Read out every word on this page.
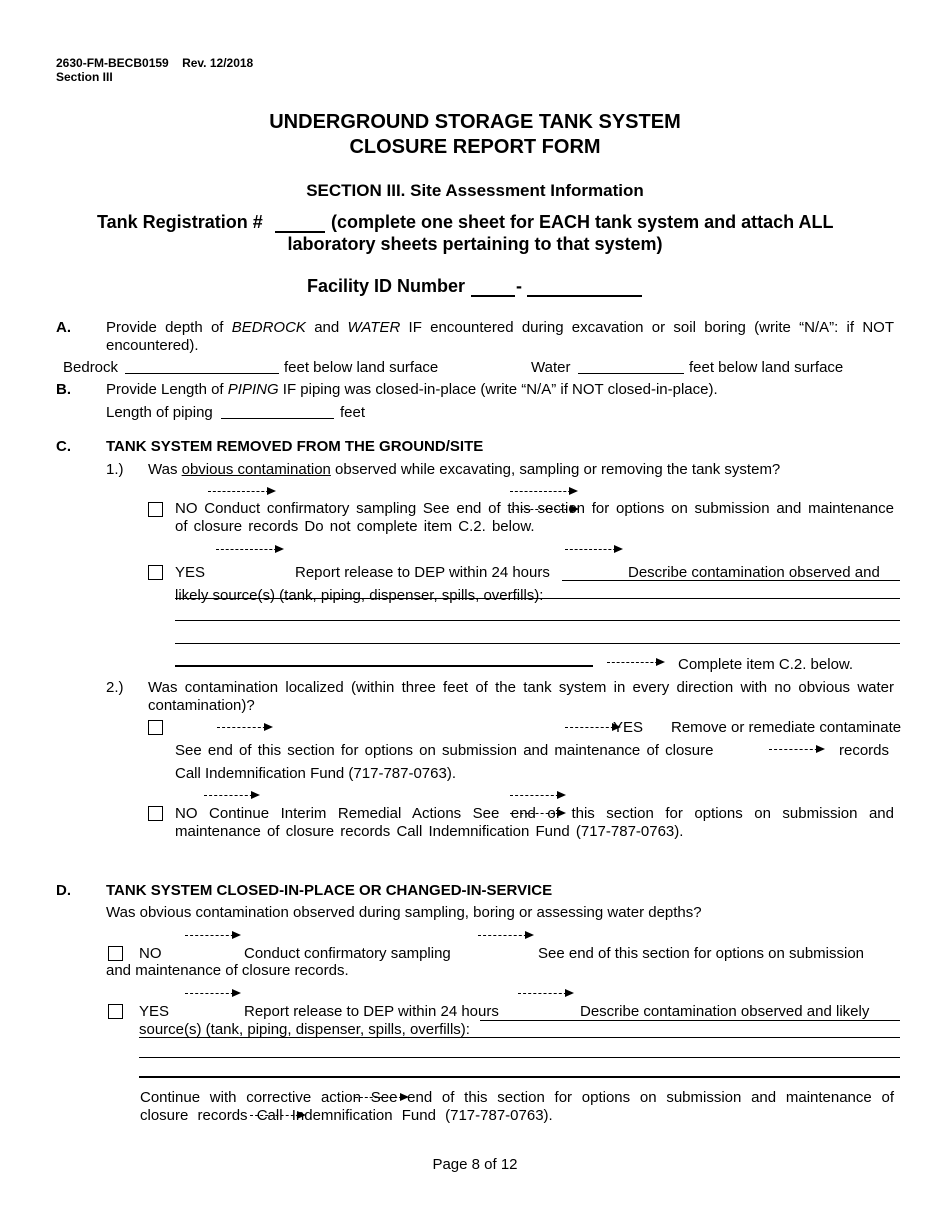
2630-FM-BECB0159 Rev. 12/2018
Section III
UNDERGROUND STORAGE TANK SYSTEM
CLOSURE REPORT FORM
SECTION III. Site Assessment Information
Tank Registration #	(complete one sheet for EACH tank system and attach ALL
laboratory sheets pertaining to that system)
Facility ID Number	-
A. Provide depth of BEDROCK and WATER IF encountered during excavation or soil boring (write “N/A”: if NOT encountered).
Bedrock	feet below land surface	Water	feet below land surface
B. Provide Length of PIPING IF piping was closed-in-place (write “N/A” if NOT closed-in-place).
Length of piping	feet
C. TANK SYSTEM REMOVED FROM THE GROUND/SITE
1.) Was obvious contamination observed while excavating, sampling or removing the tank system?
NO Conduct confirmatory sampling See end of this section for options on submission and maintenance of closure records Do not complete item C.2. below.
YES	Report release to DEP within 24 hours	Describe contamination observed and
likely source(s) (tank, piping, dispenser, spills, overfills):
Complete item C.2. below.
2.) Was contamination localized (within three feet of the tank system in every direction with no obvious water contamination)?
YES Remove or remediate contaminate
See end of this section for options on submission and maintenance of closure	records
Call Indemnification Fund (717-787-0763).
NO Continue Interim Remedial Actions See end of this section for options on submission and maintenance of closure records Call Indemnification Fund (717-787-0763).
D. TANK SYSTEM CLOSED-IN-PLACE OR CHANGED-IN-SERVICE
Was obvious contamination observed during sampling, boring or assessing water depths?
NO	Conduct confirmatory sampling	See end of this section for options on submission
and maintenance of closure records.
YES	Report release to DEP within 24 hours	Describe contamination observed and likely
source(s) (tank, piping, dispenser, spills, overfills):
Continue with corrective action See end of this section for options on submission and maintenance of closure records Call Indemnification Fund (717-787-0763).
Page 8 of 12
